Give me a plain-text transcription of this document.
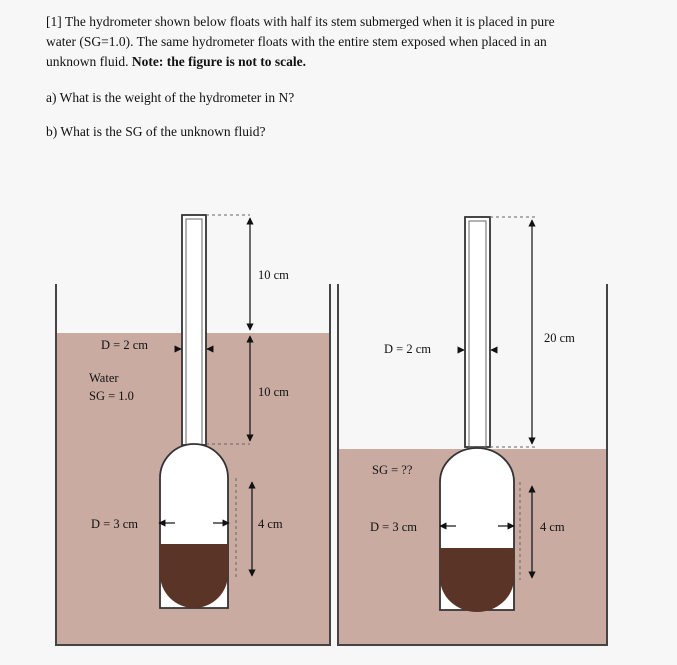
[1] The hydrometer shown below floats with half its stem submerged when it is placed in pure
water (SG=1.0). The same hydrometer floats with the entire stem exposed when placed in an
unknown fluid. Note: the figure is not to scale.
a) What is the weight of the hydrometer in N?
b) What is the SG of the unknown fluid?
10 cm
10 cm
4 cm
D = 2 cm
Water
SG = 1.0
D = 3 cm
20 cm
D = 2 cm
SG = ??
D = 3 cm	4 cm
